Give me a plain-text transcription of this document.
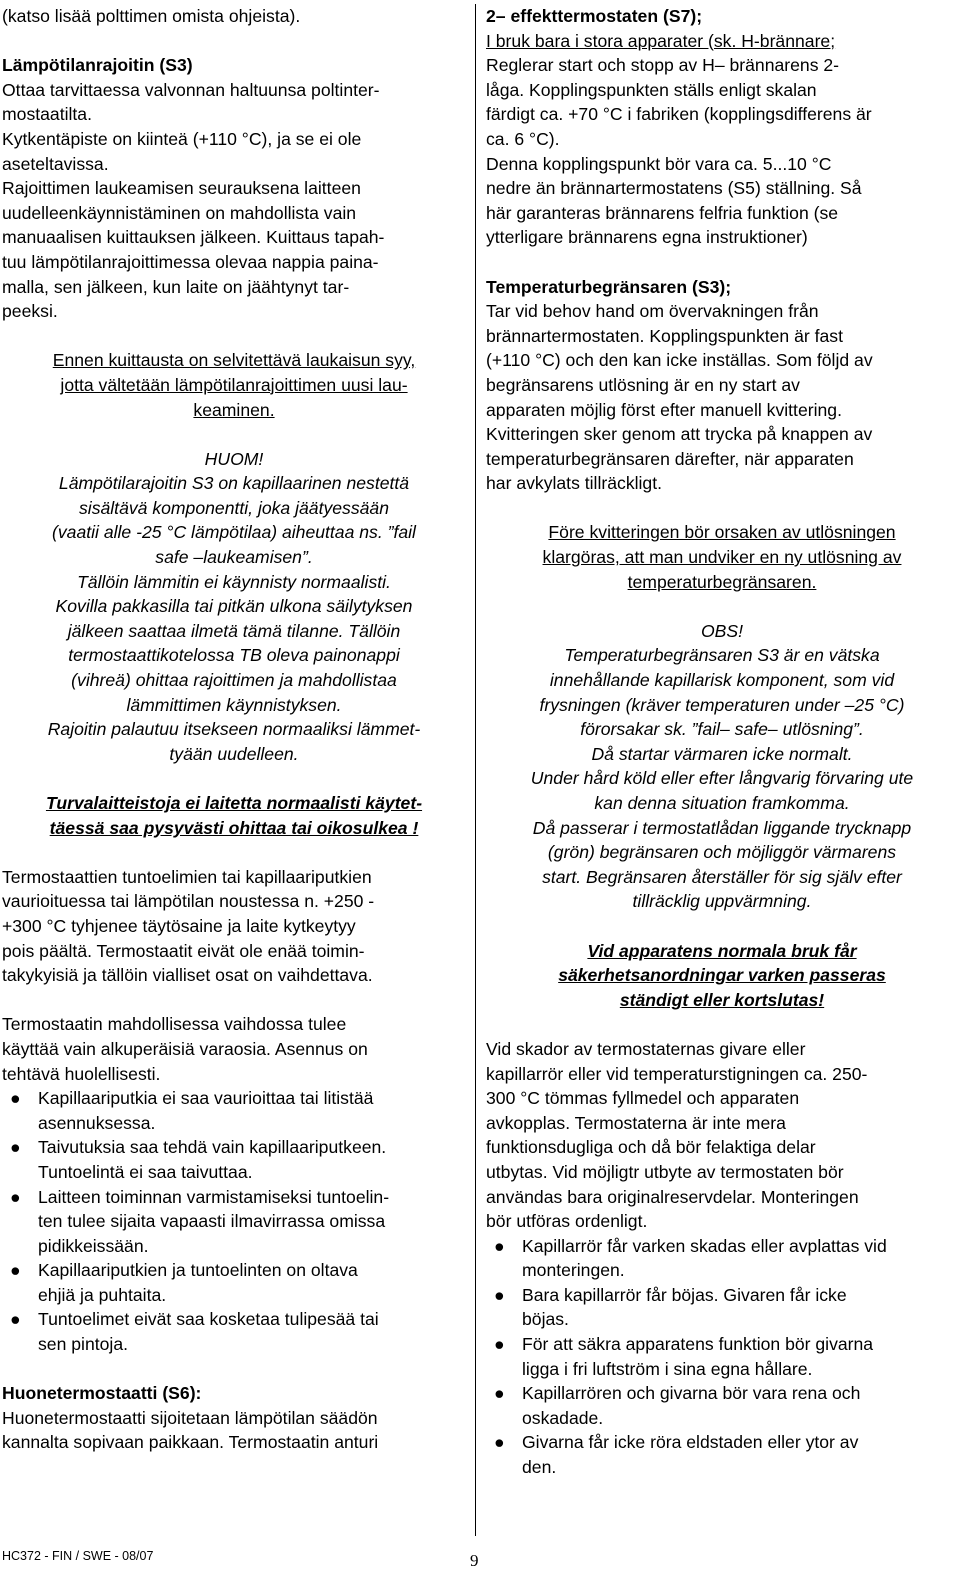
(katso lisää polttimen omista ohjeista).

Lämpötilanrajoitin (S3)

Ottaa tarvittaessa valvonnan haltuunsa poltinter-

mostaatilta.

Kytkentäpiste on kiinteä (+110 °C), ja se ei ole

aseteltavissa.

Rajoittimen laukeamisen seurauksena laitteen

uudelleenkäynnistäminen on mahdollista vain

manuaalisen kuittauksen jälkeen. Kuittaus tapah-

tuu lämpötilanrajoittimessa olevaa nappia paina-

malla, sen jälkeen, kun laite on jäähtynyt tar-

peeksi.

Ennen kuittausta on selvitettävä laukaisun syy,

jotta vältetään lämpötilanrajoittimen uusi lau-

keaminen.

HUOM!

Lämpötilarajoitin S3 on kapillaarinen nestettä

sisältävä komponentti, joka jäätyessään

(vaatii alle -25 °C lämpötilaa) aiheuttaa ns. ”fail

safe –laukeamisen”.

Tällöin lämmitin ei käynnisty normaalisti.

Kovilla pakkasilla tai pitkän ulkona säilytyksen

jälkeen saattaa ilmetä tämä tilanne. Tällöin

termostaattikotelossa TB oleva painonappi

(vihreä) ohittaa rajoittimen ja mahdollistaa

lämmittimen käynnistyksen.

Rajoitin palautuu itsekseen normaaliksi lämmet-

tyään uudelleen.

Turvalaitteistoja ei laitetta normaalisti käytet-

täessä saa pysyvästi ohittaa tai oikosulkea !

Termostaattien tuntoelimien tai kapillaariputkien

vaurioituessa tai lämpötilan noustessa n. +250 -

+300 °C tyhjenee täytösaine ja laite kytkeytyy

pois päältä. Termostaatit eivät ole enää toimin-

takykyisiä ja tällöin vialliset osat on vaihdettava.

Termostaatin mahdollisessa vaihdossa tulee

käyttää vain alkuperäisiä varaosia. Asennus on

tehtävä huolellisesti.

● Kapillaariputkia ei saa vaurioittaa tai litistää
asennuksessa.
● Taivutuksia saa tehdä vain kapillaariputkeen.
Tuntoelintä ei saa taivuttaa.
● Laitteen toiminnan varmistamiseksi tuntoelin-
ten tulee sijaita vapaasti ilmavirrassa omissa
pidikkeissään.
● Kapillaariputkien ja tuntoelinten on oltava
ehjiä ja puhtaita.
● Tuntoelimet eivät saa kosketaa tulipesää tai
sen pintoja.

Huonetermostaatti (S6):

Huonetermostaatti sijoitetaan lämpötilan säädön

kannalta sopivaan paikkaan. Termostaatin anturi

2– effekttermostaten (S7);

I bruk bara i stora apparater (sk. H-brännare;

Reglerar start och stopp av H– brännarens 2-

låga. Kopplingspunkten ställs enligt skalan

färdigt ca. +70 °C i fabriken (kopplingsdifferens är

ca. 6 °C).

Denna kopplingspunkt bör vara ca. 5...10 °C

nedre än brännartermostatens (S5) ställning. Så

här garanteras brännarens felfria funktion (se

ytterligare brännarens egna instruktioner)

Temperaturbegränsaren (S3);

Tar vid behov hand om övervakningen från

brännartermostaten. Kopplingspunkten är fast

(+110 °C) och den kan icke inställas. Som följd av

begränsarens utlösning är en ny start av

apparaten möjlig först efter manuell kvittering.

Kvitteringen sker genom att trycka på knappen av

temperaturbegränsaren därefter, när apparaten

har avkylats tillräckligt.

Före kvitteringen bör orsaken av utlösningen

klargöras, att man undviker en ny utlösning av

temperaturbegränsaren.

OBS!

Temperaturbegränsaren S3 är en vätska

innehållande kapillarisk komponent, som vid

frysningen (kräver temperaturen under –25 °C)

förorsakar sk. ”fail– safe– utlösning”.

Då startar värmaren icke normalt.

Under hård köld eller efter långvarig förvaring ute

kan denna situation framkomma.

Då passerar i termostatlådan liggande trycknapp

(grön) begränsaren och möjliggör värmarens

start. Begränsaren återställer för sig själv efter

tillräcklig uppvärmning.

Vid apparatens normala bruk får

säkerhetsanordningar varken passeras

ständigt eller kortslutas!

Vid skador av termostaternas givare eller

kapillarrör eller vid temperaturstigningen ca. 250-

300 °C tömmas fyllmedel och apparaten

avkopplas. Termostaterna är inte mera

funktionsdugliga och då bör felaktiga delar

utbytas. Vid möjligtr utbyte av termostaten bör

användas bara originalreservdelar. Monteringen

bör utföras ordenligt.

● Kapillarrör får varken skadas eller avplattas vid
monteringen.
● Bara kapillarrör får böjas. Givaren får icke
böjas.
● För att säkra apparatens funktion bör givarna
ligga i fri luftström i sina egna hållare.
● Kapillarrören och givarna bör vara rena och
oskadade.
● Givarna får icke röra eldstaden eller ytor av
den.
HC372 - FIN / SWE - 08/07	9
